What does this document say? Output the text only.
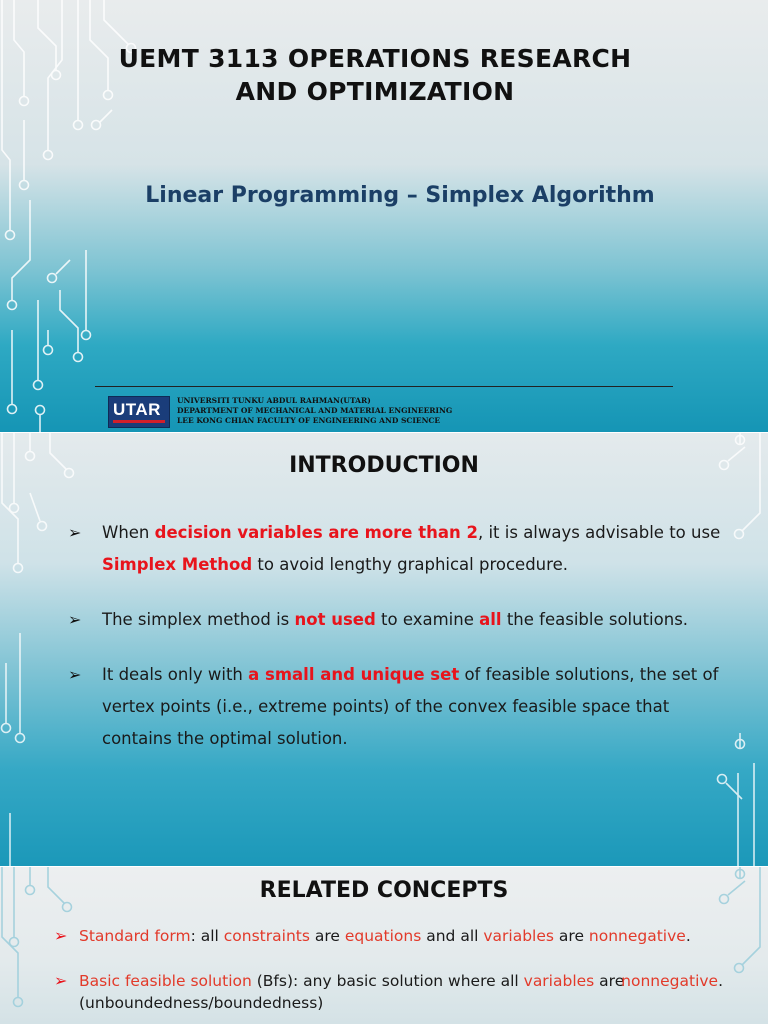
UEMT 3113 OPERATIONS RESEARCH
AND OPTIMIZATION
Linear Programming – Simplex Algorithm
UTAR UNIVERSITI TUNKU ABDUL RAHMAN(UTAR)
DEPARTMENT OF MECHANICAL AND MATERIAL ENGINEERING
LEE KONG CHIAN FACULTY OF ENGINEERING AND SCIENCE
INTRODUCTION
➢ When decision variables are more than 2, it is always advisable to use Simplex Method to avoid lengthy graphical procedure.
➢ The simplex method is not used to examine all the feasible solutions.
➢ It deals only with a small and unique set of feasible solutions, the set of vertex points (i.e., extreme points) of the convex feasible space that contains the optimal solution.
RELATED CONCEPTS
➢ Standard form: all constraints are equations and all variables are nonnegative.
➢ Basic feasible solution (Bfs): any basic solution where all variables are nonnegative. (unboundedness/boundedness)
